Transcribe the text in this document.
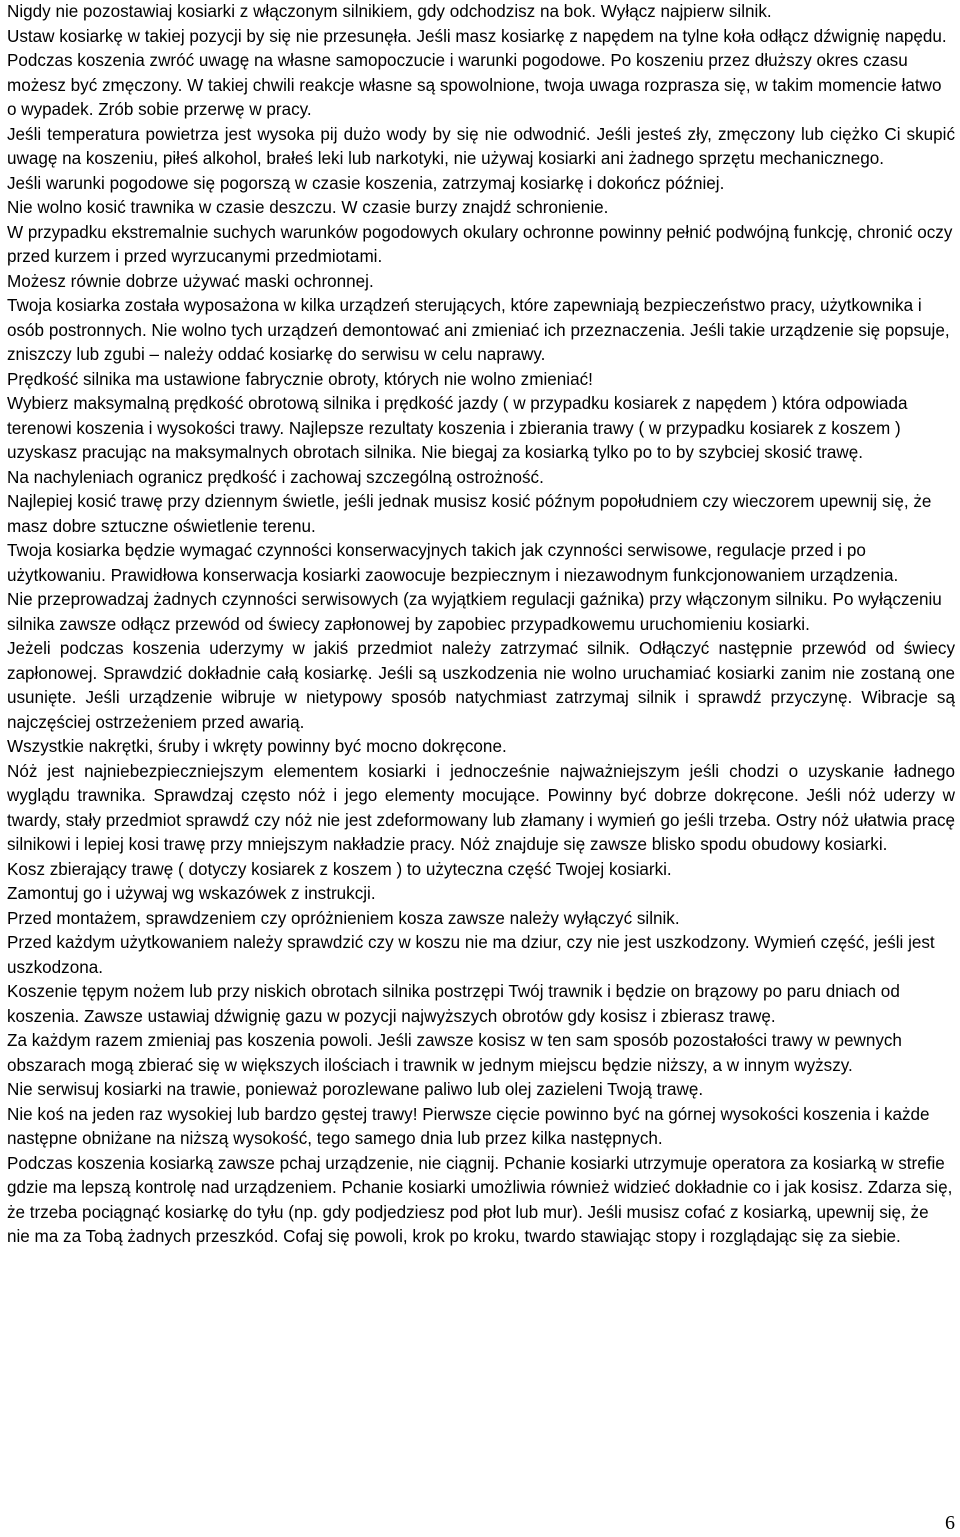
Nigdy nie pozostawiaj kosiarki z włączonym silnikiem, gdy odchodzisz na bok. Wyłącz najpierw silnik.

Ustaw kosiarkę w takiej pozycji by się nie przesunęła. Jeśli masz kosiarkę z napędem na tylne koła odłącz dźwignię napędu.

Podczas koszenia zwróć uwagę na własne samopoczucie i warunki pogodowe. Po koszeniu przez dłuższy okres czasu możesz być zmęczony. W takiej chwili reakcje własne są spowolnione, twoja uwaga rozprasza się, w takim momencie łatwo o wypadek. Zrób sobie przerwę w pracy.

Jeśli temperatura powietrza jest wysoka pij dużo wody by się nie odwodnić. Jeśli jesteś zły, zmęczony lub ciężko Ci skupić uwagę na koszeniu, piłeś alkohol, brałeś leki lub narkotyki, nie używaj kosiarki ani żadnego sprzętu mechanicznego.

Jeśli warunki pogodowe się pogorszą w czasie koszenia, zatrzymaj kosiarkę i dokończ później.

Nie wolno kosić trawnika w czasie deszczu. W czasie burzy znajdź schronienie.

W przypadku ekstremalnie suchych warunków pogodowych okulary ochronne powinny pełnić podwójną funkcję, chronić oczy przed kurzem i przed wyrzucanymi przedmiotami.

Możesz równie dobrze używać maski ochronnej.

Twoja kosiarka została wyposażona w kilka urządzeń sterujących, które zapewniają bezpieczeństwo pracy, użytkownika i osób postronnych. Nie wolno tych urządzeń demontować ani zmieniać ich przeznaczenia. Jeśli takie urządzenie się popsuje, zniszczy lub zgubi – należy oddać kosiarkę do serwisu w celu naprawy.

Prędkość silnika ma ustawione fabrycznie obroty, których nie wolno zmieniać!

Wybierz maksymalną prędkość obrotową silnika i prędkość jazdy ( w przypadku kosiarek z napędem ) która odpowiada terenowi koszenia i wysokości trawy. Najlepsze rezultaty koszenia i zbierania trawy ( w przypadku kosiarek z koszem ) uzyskasz pracując na maksymalnych obrotach silnika. Nie biegaj za kosiarką tylko po to by szybciej skosić trawę.

Na nachyleniach ogranicz prędkość i zachowaj szczególną ostrożność.

Najlepiej kosić trawę przy dziennym świetle, jeśli jednak musisz kosić późnym popołudniem czy wieczorem upewnij się, że masz dobre sztuczne oświetlenie terenu.

Twoja kosiarka będzie wymagać czynności konserwacyjnych takich jak czynności serwisowe, regulacje przed i po użytkowaniu. Prawidłowa konserwacja kosiarki zaowocuje bezpiecznym i niezawodnym funkcjonowaniem urządzenia.

Nie przeprowadzaj żadnych czynności serwisowych (za wyjątkiem regulacji gaźnika) przy włączonym silniku. Po wyłączeniu silnika zawsze odłącz przewód od świecy zapłonowej by zapobiec przypadkowemu uruchomieniu kosiarki.

Jeżeli podczas koszenia uderzymy w jakiś przedmiot należy zatrzymać silnik. Odłączyć następnie przewód od świecy zapłonowej. Sprawdzić dokładnie całą kosiarkę. Jeśli są uszkodzenia nie wolno uruchamiać kosiarki zanim nie zostaną one usunięte. Jeśli urządzenie wibruje w nietypowy sposób natychmiast zatrzymaj silnik i sprawdź przyczynę. Wibracje są najczęściej ostrzeżeniem przed awarią.

Wszystkie nakrętki, śruby i wkręty powinny być mocno dokręcone.

Nóż jest najniebezpieczniejszym elementem kosiarki i jednocześnie najważniejszym jeśli chodzi o uzyskanie ładnego wyglądu trawnika. Sprawdzaj często nóż i jego elementy mocujące. Powinny być dobrze dokręcone. Jeśli nóż uderzy w twardy, stały przedmiot sprawdź czy nóż nie jest zdeformowany lub złamany i wymień go jeśli trzeba. Ostry nóż ułatwia pracę silnikowi i lepiej kosi trawę przy mniejszym nakładzie pracy. Nóż znajduje się zawsze blisko spodu obudowy kosiarki.

Kosz zbierający trawę ( dotyczy kosiarek z koszem ) to użyteczna część Twojej kosiarki.

Zamontuj go i używaj wg wskazówek z instrukcji.

Przed montażem, sprawdzeniem czy opróżnieniem kosza zawsze należy wyłączyć silnik.

Przed każdym użytkowaniem należy sprawdzić czy w koszu nie ma dziur, czy nie jest uszkodzony. Wymień część, jeśli jest uszkodzona.

Koszenie tępym nożem lub przy niskich obrotach silnika postrzępi Twój trawnik i będzie on brązowy po paru dniach od koszenia. Zawsze ustawiaj dźwignię gazu w pozycji najwyższych obrotów gdy kosisz i zbierasz trawę.

Za każdym razem zmieniaj pas koszenia powoli. Jeśli zawsze kosisz w ten sam sposób pozostałości trawy w pewnych obszarach mogą zbierać się w większych ilościach i trawnik w jednym miejscu będzie niższy, a w innym wyższy.

Nie serwisuj kosiarki na trawie, ponieważ porozlewane paliwo lub olej zazieleni Twoją trawę.

Nie koś na jeden raz wysokiej lub bardzo gęstej trawy! Pierwsze cięcie powinno być na górnej wysokości koszenia i każde następne obniżane na niższą wysokość, tego samego dnia lub przez kilka następnych.

Podczas koszenia kosiarką zawsze pchaj urządzenie, nie ciągnij. Pchanie kosiarki utrzymuje operatora za kosiarką w strefie gdzie ma lepszą kontrolę nad urządzeniem. Pchanie kosiarki umożliwia również widzieć dokładnie co i jak kosisz. Zdarza się, że trzeba pociągnąć kosiarkę do tyłu (np. gdy podjedziesz pod płot lub mur). Jeśli musisz cofać z kosiarką, upewnij się, że nie ma za Tobą żadnych przeszkód. Cofaj się powoli, krok po kroku, twardo stawiając stopy i rozglądając się za siebie.

6
